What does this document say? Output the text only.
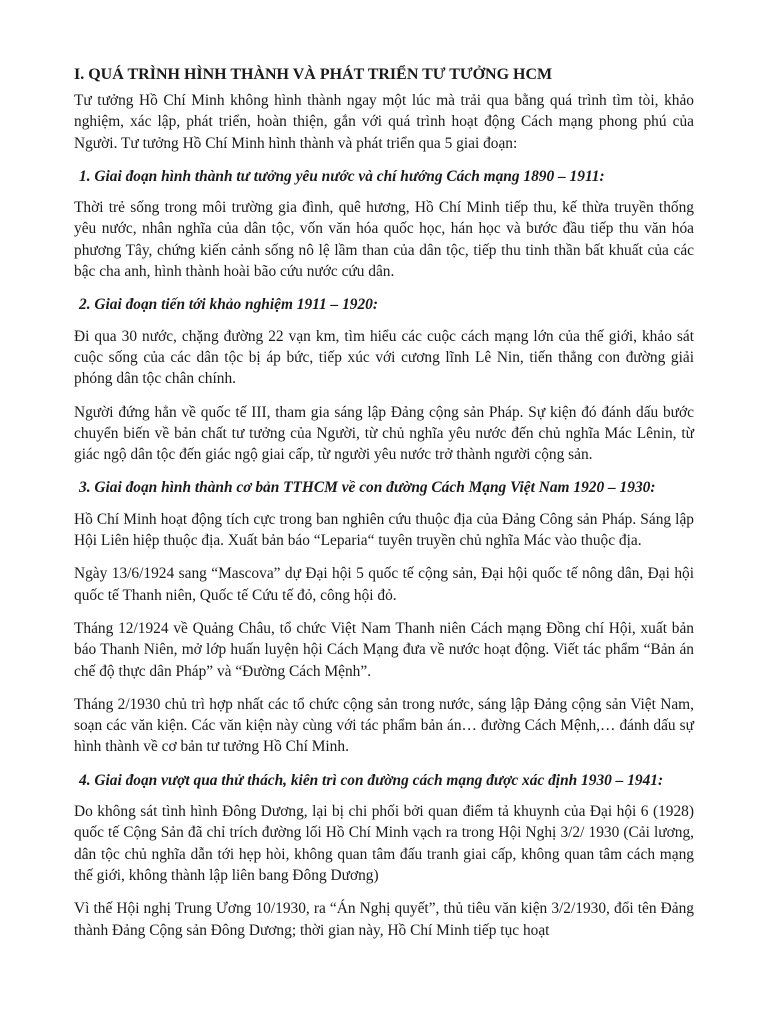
I. QUÁ TRÌNH HÌNH THÀNH VÀ PHÁT TRIỂN TƯ TƯỞNG HCM
Tư tưởng Hồ Chí Minh không hình thành ngay một lúc mà trải qua bằng quá trình tìm tòi, khảo nghiệm, xác lập, phát triển, hoàn thiện, gắn với quá trình hoạt động Cách mạng phong phú của Người. Tư tưởng Hồ Chí Minh hình thành và phát triển qua 5 giai đoạn:
1. Giai đoạn hình thành tư tưởng yêu nước và chí hướng Cách mạng 1890 – 1911:
Thời trẻ sống trong môi trường gia đình, quê hương, Hồ Chí Minh tiếp thu, kế thừa truyền thống yêu nước, nhân nghĩa của dân tộc, vốn văn hóa quốc học, hán học và bước đầu tiếp thu văn hóa phương Tây, chứng kiến cảnh sống nô lệ lầm than của dân tộc, tiếp thu tinh thần bất khuất của các bậc cha anh, hình thành hoài bão cứu nước cứu dân.
2. Giai đoạn tiến tới khảo nghiệm 1911 – 1920:
Đi qua 30 nước, chặng đường 22 vạn km, tìm hiểu các cuộc cách mạng lớn của thế giới, khảo sát cuộc sống của các dân tộc bị áp bức, tiếp xúc với cương lĩnh Lê Nin, tiến thẳng con đường giải phóng dân tộc chân chính.
Người đứng hẳn về quốc tế III, tham gia sáng lập Đảng cộng sản Pháp. Sự kiện đó đánh dấu bước chuyển biến về bản chất tư tưởng của Người, từ chủ nghĩa yêu nước đến chủ nghĩa Mác Lênin, từ giác ngộ dân tộc đến giác ngộ giai cấp, từ người yêu nước trở thành người cộng sản.
3. Giai đoạn hình thành cơ bản TTHCM về con đường Cách Mạng Việt Nam 1920 – 1930:
Hồ Chí Minh hoạt động tích cực trong ban nghiên cứu thuộc địa của Đảng Công sản Pháp. Sáng lập Hội Liên hiệp thuộc địa. Xuất bản báo “Leparia“ tuyên truyền chủ nghĩa Mác vào thuộc địa.
Ngày 13/6/1924 sang “Mascova” dự Đại hội 5 quốc tế cộng sản, Đại hội quốc tế nông dân, Đại hội quốc tế Thanh niên, Quốc tế Cứu tế đỏ, công hội đỏ.
Tháng 12/1924 về Quảng Châu, tổ chức Việt Nam Thanh niên Cách mạng Đồng chí Hội, xuất bản báo Thanh Niên, mở lớp huấn luyện hội Cách Mạng đưa về nước hoạt động. Viết tác phẩm “Bản án chế độ thực dân Pháp” và “Đường Cách Mệnh”.
Tháng 2/1930 chủ trì hợp nhất các tổ chức cộng sản trong nước, sáng lập Đảng cộng sản Việt Nam, soạn các văn kiện. Các văn kiện này cùng với tác phẩm bản án… đường Cách Mệnh,… đánh dấu sự hình thành về cơ bản tư tưởng Hồ Chí Minh.
4. Giai đoạn vượt qua thử thách, kiên trì con đường cách mạng được xác định 1930 – 1941:
Do không sát tình hình Đông Dương, lại bị chi phối bởi quan điểm tả khuynh của Đại hội 6 (1928) quốc tế Cộng Sản đã chỉ trích đường lối Hồ Chí Minh vạch ra trong Hội Nghị 3/2/ 1930 (Cải lương, dân tộc chủ nghĩa dẫn tới hẹp hòi, không quan tâm đấu tranh giai cấp, không quan tâm cách mạng thế giới, không thành lập liên bang Đông Dương)
Vì thế Hội nghị Trung Ương 10/1930, ra “Án Nghị quyết”, thủ tiêu văn kiện 3/2/1930, đổi tên Đảng thành Đảng Cộng sản Đông Dương; thời gian này, Hồ Chí Minh tiếp tục hoạt
